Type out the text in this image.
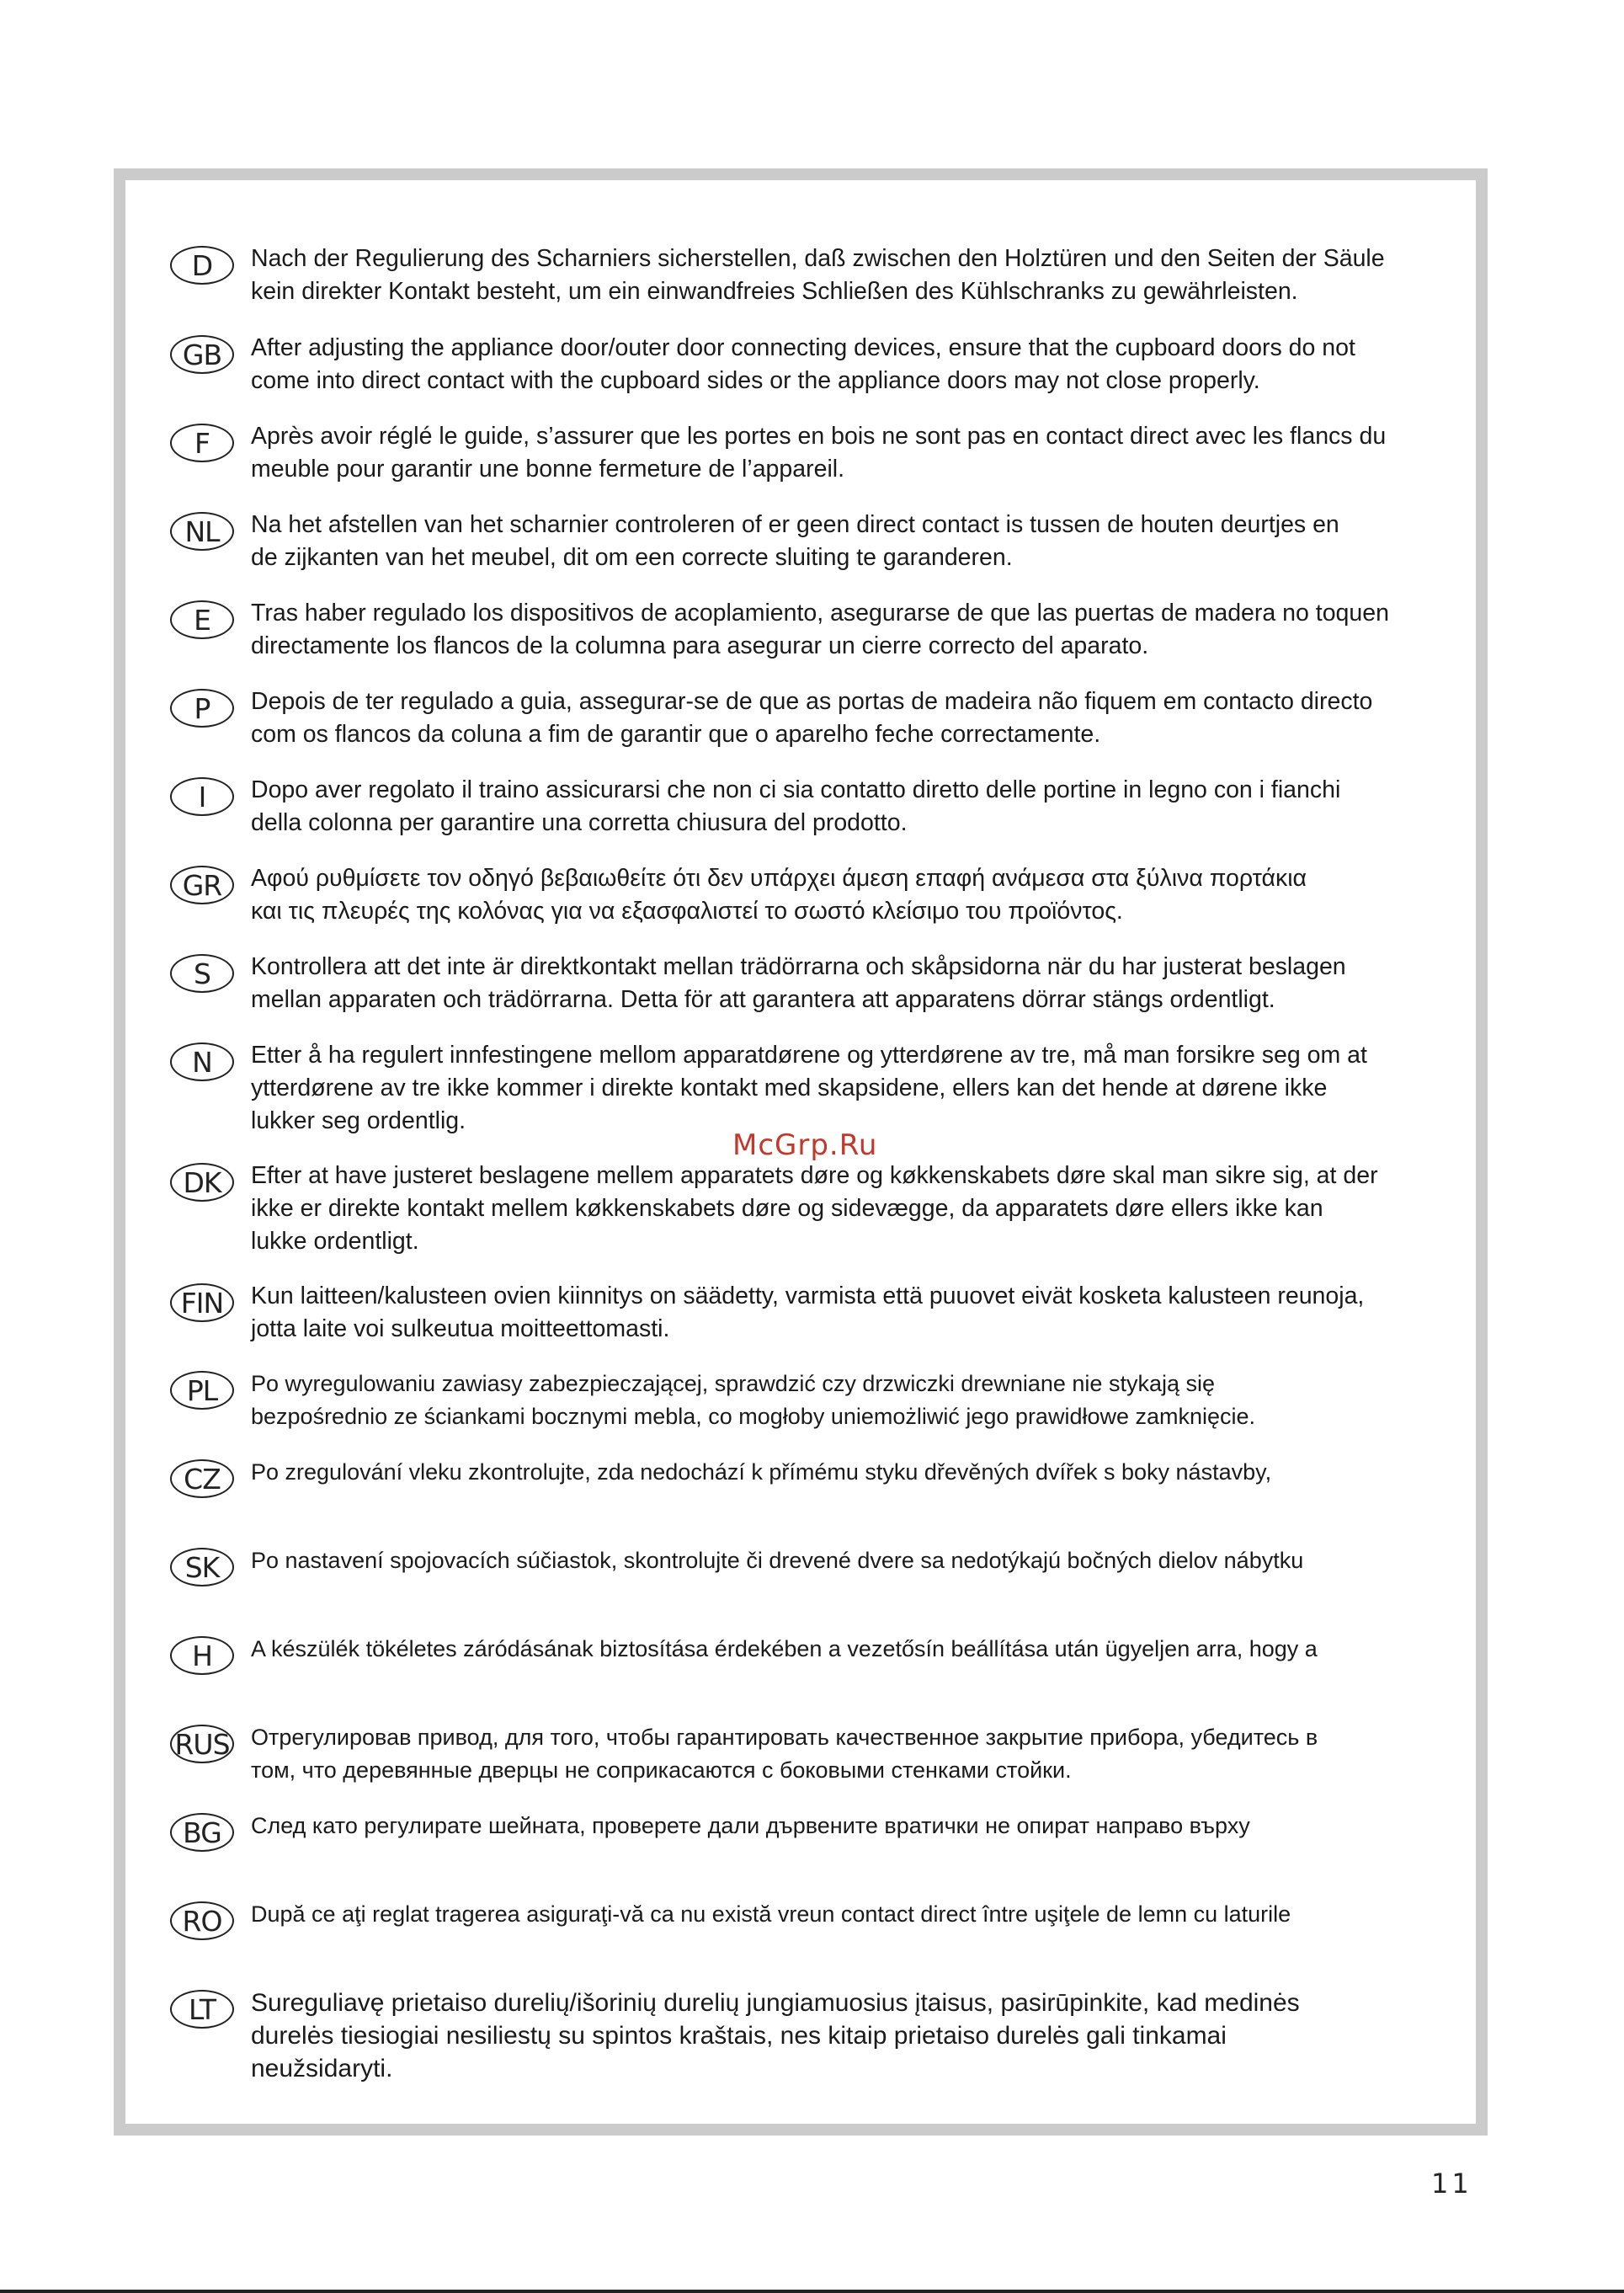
D	Nach der Regulierung des Scharniers sicherstellen, daß zwischen den Holztüren und den Seiten der Säule

kein direkter Kontakt besteht, um ein einwandfreies Schließen des Kühlschranks zu gewährleisten.

GB	After adjusting the appliance door/outer door connecting devices, ensure that the cupboard doors do not

come into direct contact with the cupboard sides or the appliance doors may not close properly.

F	Après avoir réglé le guide, s’assurer que les portes en bois ne sont pas en contact direct avec les flancs du

meuble pour garantir une bonne fermeture de l’appareil.

NL	Na het afstellen van het scharnier controleren of er geen direct contact is tussen de houten deurtjes en

de zijkanten van het meubel, dit om een correcte sluiting te garanderen.

E	Tras haber regulado los dispositivos de acoplamiento, asegurarse de que las puertas de madera no toquen

directamente los flancos de la columna para asegurar un cierre correcto del aparato.

P	Depois de ter regulado a guia, assegurar-se de que as portas de madeira não fiquem em contacto directo

com os flancos da coluna a fim de garantir que o aparelho feche correctamente.

I	Dopo aver regolato il traino assicurarsi che non ci sia contatto diretto delle portine in legno con i fianchi

della colonna per garantire una corretta chiusura del prodotto.

GR	Αφού ρυθμίσετε τον οδηγό βεβαιωθείτε ότι δεν υπάρχει άμεση επαφή ανάμεσα στα ξύλινα πορτάκια

και τις πλευρές της κολόνας για να εξασφαλιστεί το σωστό κλείσιμο του προϊόντος.

S	Kontrollera att det inte är direktkontakt mellan trädörrarna och skåpsidorna när du har justerat beslagen

mellan apparaten och trädörrarna. Detta för att garantera att apparatens dörrar stängs ordentligt.

N	Etter å ha regulert innfestingene mellom apparatdørene og ytterdørene av tre, må man forsikre seg om at

ytterdørene av tre ikke kommer i direkte kontakt med skapsidene, ellers kan det hende at dørene ikke

lukker seg ordentlig.

DK	Efter at have justeret beslagene mellem apparatets døre og køkkenskabets døre skal man sikre sig, at der

ikke er direkte kontakt mellem køkkenskabets døre og sidevægge, da apparatets døre ellers ikke kan

lukke ordentligt.

FIN	Kun laitteen/kalusteen ovien kiinnitys on säädetty, varmista että puuovet eivät kosketa kalusteen reunoja,

jotta laite voi sulkeutua moitteettomasti.

PL	Po wyregulowaniu zawiasy zabezpieczającej, sprawdzić czy drzwiczki drewniane nie stykają się

bezpośrednio ze ściankami bocznymi mebla, co mogłoby uniemożliwić jego prawidłowe zamknięcie.

CZ	Po zregulování vleku zkontrolujte, zda nedochází k přímému styku dřevěných dvířek s boky nástavby,

SK	Po nastavení spojovacích súčiastok, skontrolujte či drevené dvere sa nedotýkajú bočných dielov nábytku

H	A készülék tökéletes záródásának biztosítása érdekében a vezetősín beállítása után ügyeljen arra, hogy a

RUS Отрегулировав привод, для того, чтобы гарантировать качественное закрытие прибора, убедитесь в

том, что деревянные дверцы не соприкасаются с боковыми стенками стойки.

BG	След като регулирате шейната, проверете дали дървените вратички не опират направо върху

RO	După ce aţi reglat tragerea asiguraţi-vă ca nu există vreun contact direct între uşiţele de lemn cu laturile

LT	Sureguliavę prietaiso durelių/išorinių durelių jungiamuosius įtaisus, pasirūpinkite, kad medinės

durelės tiesiogiai nesiliestų su spintos kraštais, nes kitaip prietaiso durelės gali tinkamai

neužsidaryti.

McGrp.Ru
11
